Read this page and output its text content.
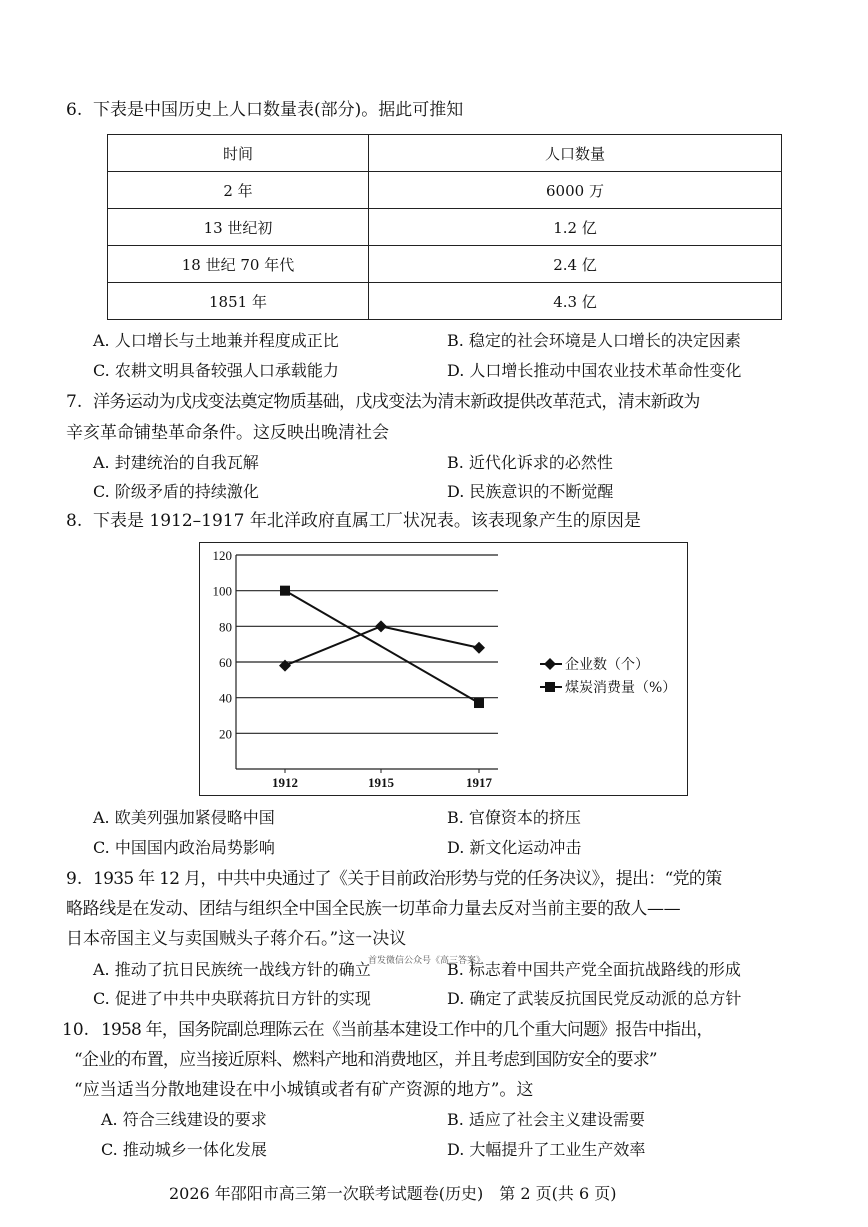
6. 下表是中国历史上人口数量表(部分)。据此可推知
时间	人口数量
2 年	6000 万
13 世纪初	1.2 亿
18 世纪 70 年代	2.4 亿
1851 年	4.3 亿
A. 人口增长与土地兼并程度成正比	B. 稳定的社会环境是人口增长的决定因素
C. 农耕文明具备较强人口承载能力	D. 人口增长推动中国农业技术革命性变化
7. 洋务运动为戊戌变法奠定物质基础，戊戌变法为清末新政提供改革范式，清末新政为
辛亥革命铺垫革命条件。这反映出晚清社会
A. 封建统治的自我瓦解	B. 近代化诉求的必然性
C. 阶级矛盾的持续激化	D. 民族意识的不断觉醒
8. 下表是 1912–1917 年北洋政府直属工厂状况表。该表现象产生的原因是
20
40
60
80
100
120
1912	1915	1917
企业数（个）
煤炭消费量（%）
A. 欧美列强加紧侵略中国	B. 官僚资本的挤压
C. 中国国内政治局势影响	D. 新文化运动冲击
9. 1935 年 12 月，中共中央通过了《关于目前政治形势与党的任务决议》，提出：“党的策
略路线是在发动、团结与组织全中国全民族一切革命力量去反对当前主要的敌人——
日本帝国主义与卖国贼头子蒋介石。”这一决议
首发微信公众号《高三答案》
A. 推动了抗日民族统一战线方针的确立	B. 标志着中国共产党全面抗战路线的形成
C. 促进了中共中央联蒋抗日方针的实现	D. 确定了武装反抗国民党反动派的总方针
10. 1958 年，国务院副总理陈云在《当前基本建设工作中的几个重大问题》报告中指出，
“企业的布置，应当接近原料、燃料产地和消费地区，并且考虑到国防安全的要求”
“应当适当分散地建设在中小城镇或者有矿产资源的地方”。这
A. 符合三线建设的要求	B. 适应了社会主义建设需要
C. 推动城乡一体化发展	D. 大幅提升了工业生产效率
2026 年邵阳市高三第一次联考试题卷(历史)　第 2 页(共 6 页)
